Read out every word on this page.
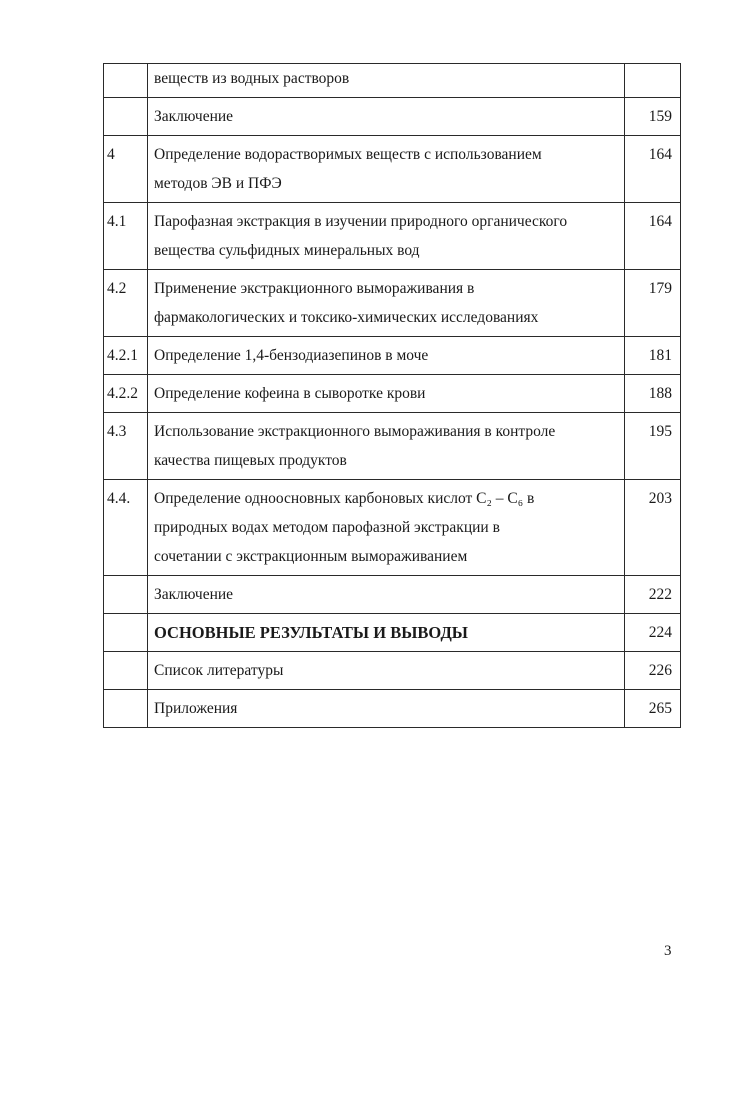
	веществ из водных растворов	

	Заключение	159
4	Определение водорастворимых веществ с использованием
методов ЭВ и ПФЭ	164
4.1	Парофазная экстракция в изучении природного органического
вещества сульфидных минеральных вод	164
4.2	Применение экстракционного вымораживания в
фармакологических и токсико-химических исследованиях	179
4.2.1	Определение 1,4-бензодиазепинов в моче	181
4.2.2	Определение кофеина в сыворотке крови	188
4.3	Использование экстракционного вымораживания в контроле
качества пищевых продуктов	195
4.4.	Определение одноосновных карбоновых кислот C₂ – C₆ в
природных водах методом парофазной экстракции в
сочетании с экстракционным вымораживанием	203

	Заключение	222

	ОСНОВНЫЕ РЕЗУЛЬТАТЫ И ВЫВОДЫ	224

	Список литературы	226

	Приложения	265
3
